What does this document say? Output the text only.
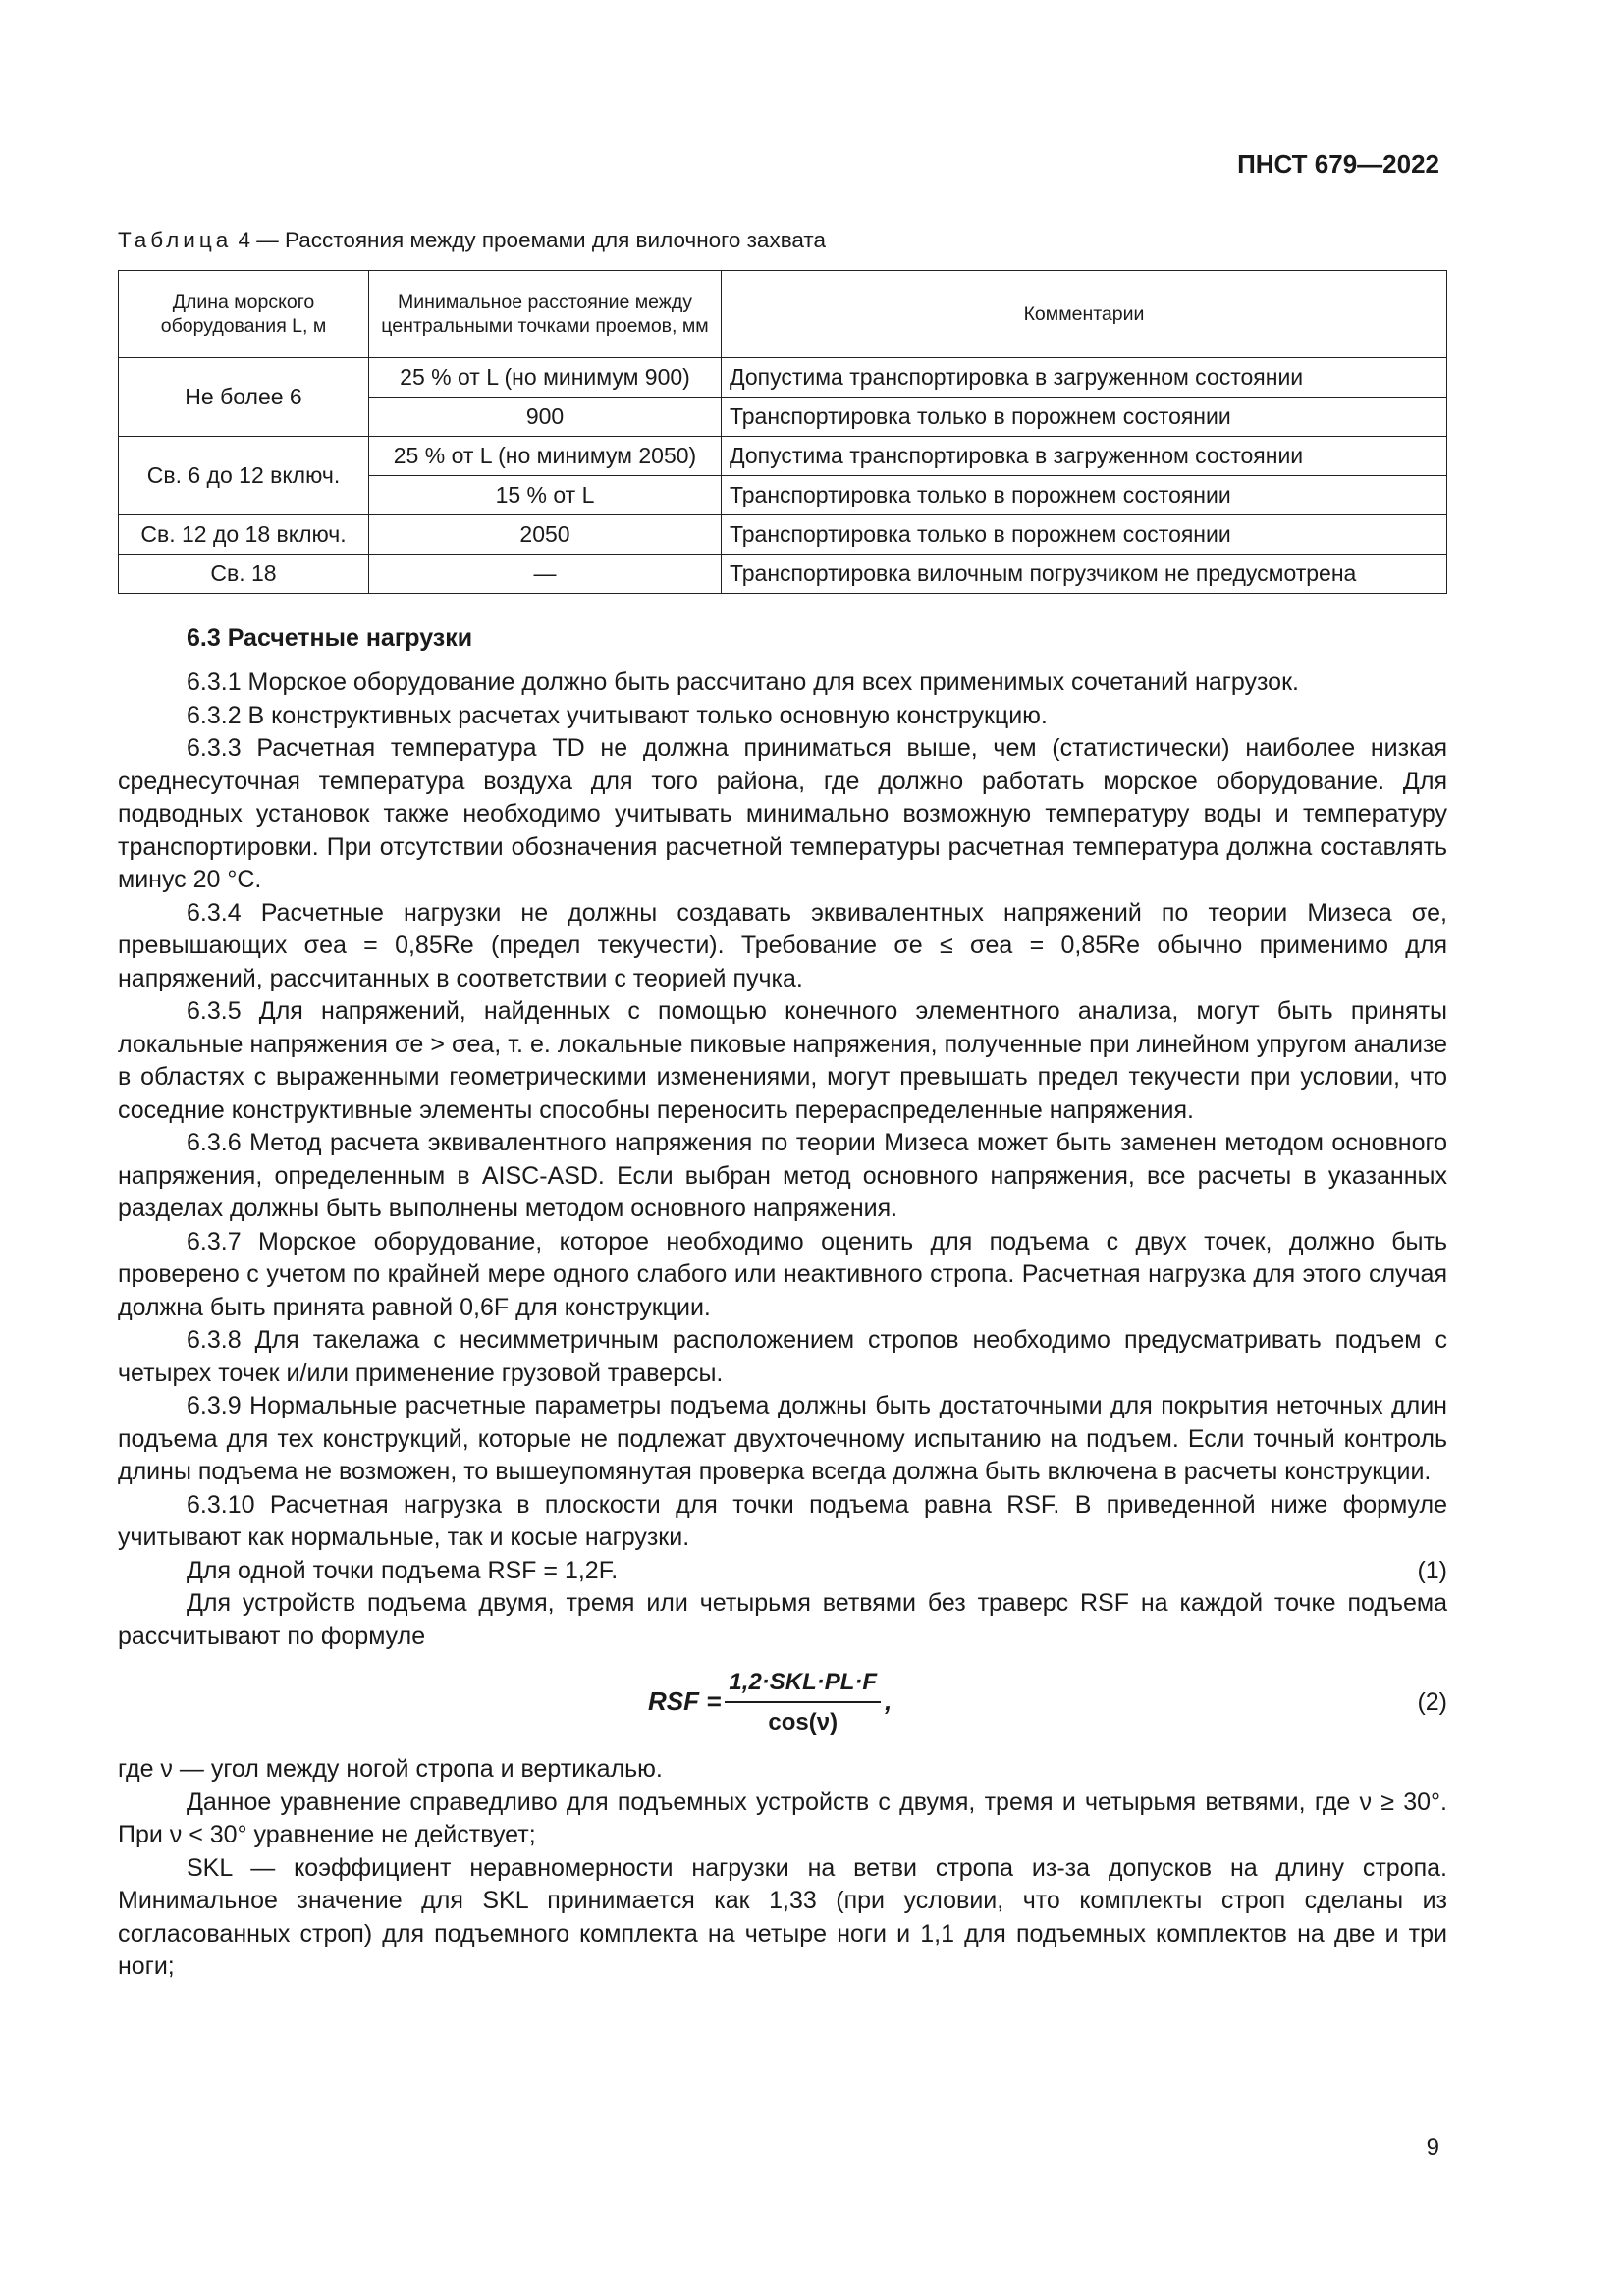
ПНСТ 679—2022
Таблица 4 — Расстояния между проемами для вилочного захвата
Длина морского оборудования L, м	Минимальное расстояние между центральными точками проемов, мм	Комментарии
Не более 6	25 % от L (но минимум 900)	Допустима транспортировка в загруженном состоянии
	900	Транспортировка только в порожнем состоянии
Св. 6 до 12 включ.	25 % от L (но минимум 2050)	Допустима транспортировка в загруженном состоянии
	15 % от L	Транспортировка только в порожнем состоянии
Св. 12 до 18 включ.	2050	Транспортировка только в порожнем состоянии
Св. 18	—	Транспортировка вилочным погрузчиком не предусмотрена
6.3 Расчетные нагрузки

6.3.1 Морское оборудование должно быть рассчитано для всех применимых сочетаний нагрузок.

6.3.2 В конструктивных расчетах учитывают только основную конструкцию.

6.3.3 Расчетная температура TD не должна приниматься выше, чем (статистически) наиболее низкая среднесуточная температура воздуха для того района, где должно работать морское оборудование. Для подводных установок также необходимо учитывать минимально возможную температуру воды и температуру транспортировки. При отсутствии обозначения расчетной температуры расчетная температура должна составлять минус 20 °С.

6.3.4 Расчетные нагрузки не должны создавать эквивалентных напряжений по теории Мизеса σe, превышающих σea = 0,85Re (предел текучести). Требование σe ≤ σea = 0,85Re обычно применимо для напряжений, рассчитанных в соответствии с теорией пучка.

6.3.5 Для напряжений, найденных с помощью конечного элементного анализа, могут быть приняты локальные напряжения σe > σea, т. е. локальные пиковые напряжения, полученные при линейном упругом анализе в областях с выраженными геометрическими изменениями, могут превышать предел текучести при условии, что соседние конструктивные элементы способны переносить перераспределенные напряжения.

6.3.6 Метод расчета эквивалентного напряжения по теории Мизеса может быть заменен методом основного напряжения, определенным в AISC-ASD. Если выбран метод основного напряжения, все расчеты в указанных разделах должны быть выполнены методом основного напряжения.

6.3.7 Морское оборудование, которое необходимо оценить для подъема с двух точек, должно быть проверено с учетом по крайней мере одного слабого или неактивного стропа. Расчетная нагрузка для этого случая должна быть принята равной 0,6F для конструкции.

6.3.8 Для такелажа с несимметричным расположением стропов необходимо предусматривать подъем с четырех точек и/или применение грузовой траверсы.

6.3.9 Нормальные расчетные параметры подъема должны быть достаточными для покрытия неточных длин подъема для тех конструкций, которые не подлежат двухточечному испытанию на подъем. Если точный контроль длины подъема не возможен, то вышеупомянутая проверка всегда должна быть включена в расчеты конструкции.

6.3.10 Расчетная нагрузка в плоскости для точки подъема равна RSF. В приведенной ниже формуле учитывают как нормальные, так и косые нагрузки.

Для одной точки подъема RSF = 1,2F.	(1)

Для устройств подъема двумя, тремя или четырьмя ветвями без траверс RSF на каждой точке подъема рассчитывают по формуле

RSF = $\frac{\text{1,2·SKL·PL·F}}{\cos(\nu)}$ ,	(2)

где ν — угол между ногой стропа и вертикалью.

Данное уравнение справедливо для подъемных устройств с двумя, тремя и четырьмя ветвями, где ν ≥ 30°. При ν < 30° уравнение не действует;

SKL — коэффициент неравномерности нагрузки на ветви стропа из-за допусков на длину стропа. Минимальное значение для SKL принимается как 1,33 (при условии, что комплекты строп сделаны из согласованных строп) для подъемного комплекта на четыре ноги и 1,1 для подъемных комплектов на две и три ноги;

9
